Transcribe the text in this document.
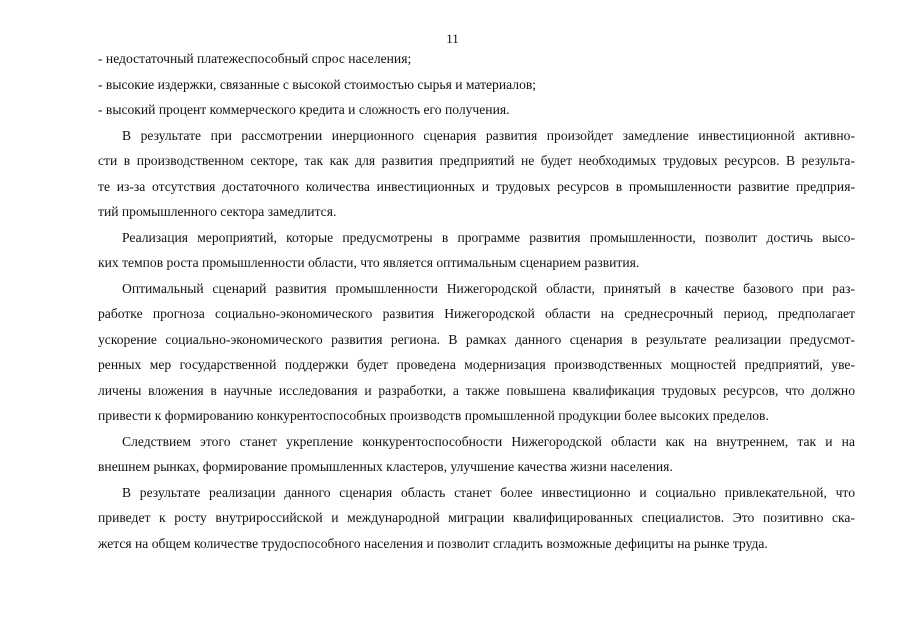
11

- недостаточный платежеспособный спрос населения;

- высокие издержки, связанные с высокой стоимостью сырья и материалов;

- высокий процент коммерческого кредита и сложность его получения.

В результате при рассмотрении инерционного сценария развития произойдет замедление инвестиционной активно-
сти в производственном секторе, так как для развития предприятий не будет необходимых трудовых ресурсов. В результа-
те из-за отсутствия достаточного количества инвестиционных и трудовых ресурсов в промышленности развитие предприя-
тий промышленного сектора замедлится.
Реализация мероприятий, которые предусмотрены в программе развития промышленности, позволит достичь высо-
ких темпов роста промышленности области, что является оптимальным сценарием развития.
Оптимальный сценарий развития промышленности Нижегородской области, принятый в качестве базового при раз-
работке прогноза социально-экономического развития Нижегородской области на среднесрочный период, предполагает
ускорение социально-экономического развития региона. В рамках данного сценария в результате реализации предусмот-
ренных мер государственной поддержки будет проведена модернизация производственных мощностей предприятий, уве-
личены вложения в научные исследования и разработки, а также повышена квалификация трудовых ресурсов, что должно
привести к формированию конкурентоспособных производств промышленной продукции более высоких пределов.
Следствием этого станет укрепление конкурентоспособности Нижегородской области как на внутреннем, так и на
внешнем рынках, формирование промышленных кластеров, улучшение качества жизни населения.
В результате реализации данного сценария область станет более инвестиционно и социально привлекательной, что
приведет к росту внутрироссийской и международной миграции квалифицированных специалистов. Это позитивно ска-
жется на общем количестве трудоспособного населения и позволит сгладить возможные дефициты на рынке труда.
